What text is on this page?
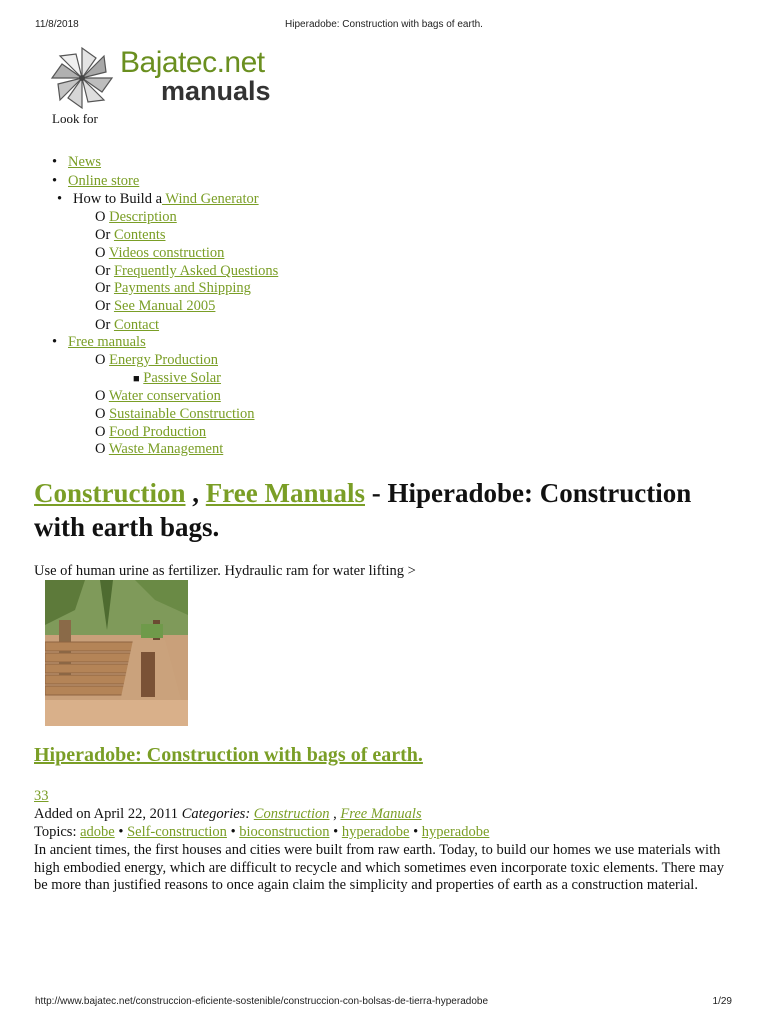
11/8/2018	Hiperadobe: Construction with bags of earth.
Bajatec.net
manuals
Look for
• News
• Online store
• How to Build a Wind Generator
O Description
Or Contents
O Videos construction
Or Frequently Asked Questions
Or Payments and Shipping
Or See Manual 2005
Or Contact
• Free manuals
O Energy Production
■ Passive Solar
O Water conservation
O Sustainable Construction
O Food Production
O Waste Management
Construction , Free Manuals - Hiperadobe: Construction with earth bags.
Use of human urine as fertilizer. Hydraulic ram for water lifting >
Hiperadobe: Construction with bags of earth.
33
Added on April 22, 2011 Categories: Construction , Free Manuals
Topics: adobe • Self-construction • bioconstruction • hyperadobe • hyperadobe
In ancient times, the first houses and cities were built from raw earth. Today, to build our homes we use materials with high embodied energy, which are difficult to recycle and which sometimes even incorporate toxic elements. There may be more than justified reasons to once again claim the simplicity and properties of earth as a construction material.
http://www.bajatec.net/construccion-eficiente-sostenible/construccion-con-bolsas-de-tierra-hyperadobe	1/29
